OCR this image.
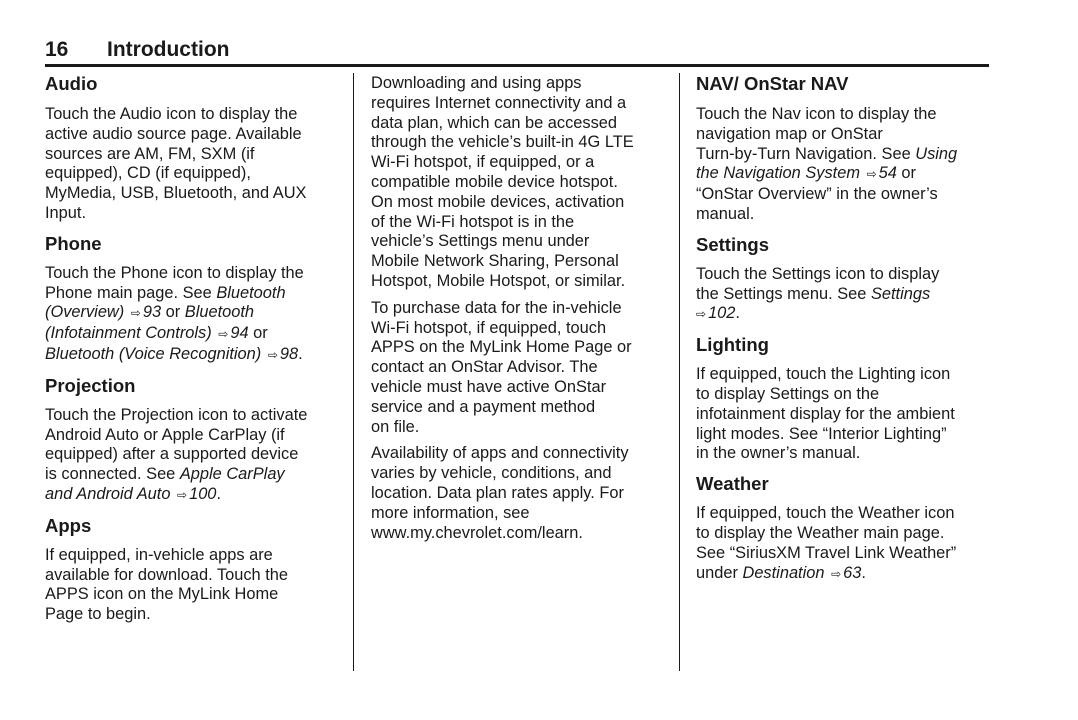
16 Introduction
Audio

Touch the Audio icon to display the
active audio source page. Available
sources are AM, FM, SXM (if
equipped), CD (if equipped),
MyMedia, USB, Bluetooth, and AUX
Input.

Phone

Touch the Phone icon to display the
Phone main page. See Bluetooth
(Overview) ⇨ 93 or Bluetooth
(Infotainment Controls) ⇨ 94 or
Bluetooth (Voice Recognition) ⇨ 98.

Projection

Touch the Projection icon to activate
Android Auto or Apple CarPlay (if
equipped) after a supported device
is connected. See Apple CarPlay
and Android Auto ⇨ 100.

Apps

If equipped, in-vehicle apps are
available for download. Touch the
APPS icon on the MyLink Home
Page to begin.

Downloading and using apps
requires Internet connectivity and a
data plan, which can be accessed
through the vehicle’s built-in 4G LTE
Wi-Fi hotspot, if equipped, or a
compatible mobile device hotspot.
On most mobile devices, activation
of the Wi-Fi hotspot is in the
vehicle’s Settings menu under
Mobile Network Sharing, Personal
Hotspot, Mobile Hotspot, or similar.

To purchase data for the in-vehicle
Wi-Fi hotspot, if equipped, touch
APPS on the MyLink Home Page or
contact an OnStar Advisor. The
vehicle must have active OnStar
service and a payment method
on file.

Availability of apps and connectivity
varies by vehicle, conditions, and
location. Data plan rates apply. For
more information, see
www.my.chevrolet.com/learn.

NAV/ OnStar NAV

Touch the Nav icon to display the
navigation map or OnStar
Turn-by-Turn Navigation. See Using
the Navigation System ⇨ 54 or
“OnStar Overview” in the owner’s
manual.

Settings

Touch the Settings icon to display
the Settings menu. See Settings
⇨ 102.

Lighting

If equipped, touch the Lighting icon
to display Settings on the
infotainment display for the ambient
light modes. See “Interior Lighting”
in the owner’s manual.

Weather

If equipped, touch the Weather icon
to display the Weather main page.
See “SiriusXM Travel Link Weather”
under Destination ⇨ 63.
